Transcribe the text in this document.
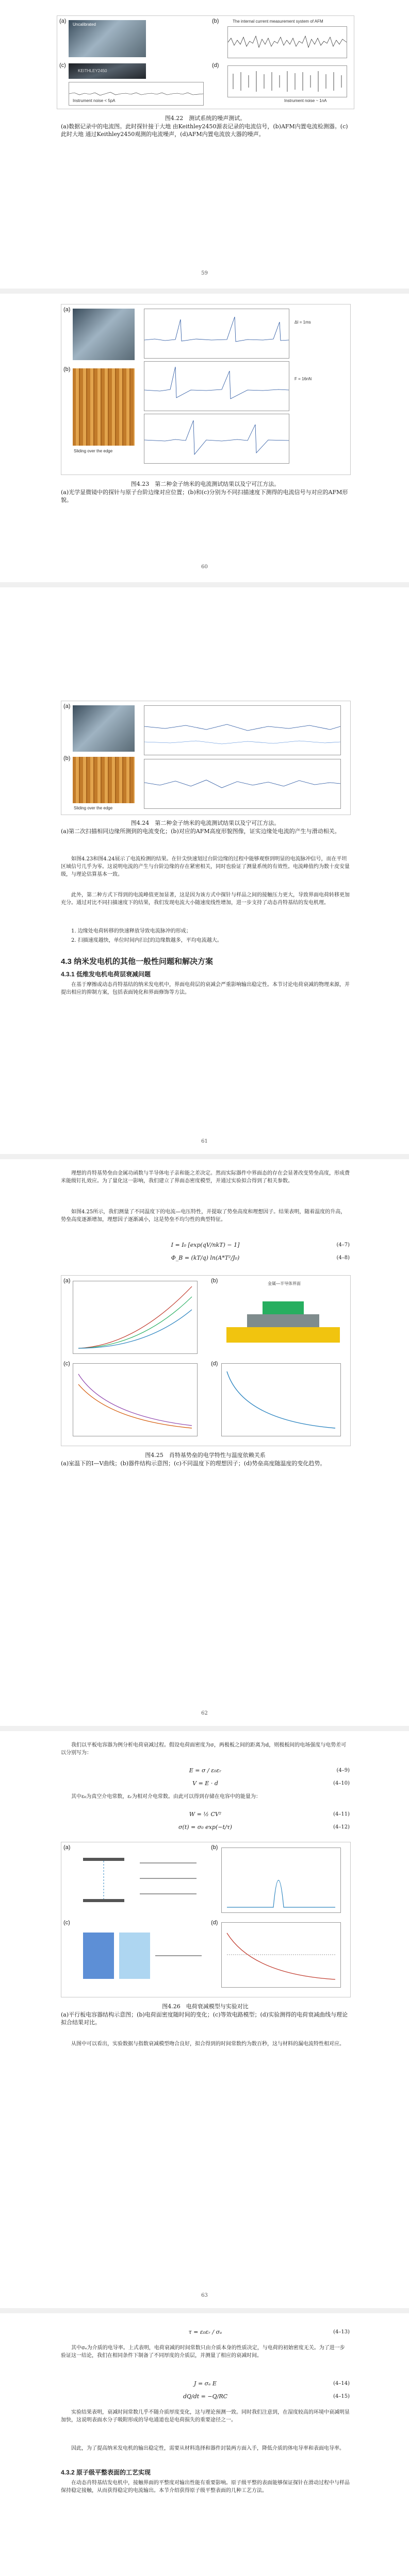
(a)
Uncalibrated
(b)	The internal current measurement system of AFM
(c)
KEITHLEY2450
Instrument noise < 5pA
(d)
Instrument noise ~ 1nA
图4.22　测试系统的噪声测试。
(a)数据记录中的电流图。此时探针接于大地 由Keithley2450源表记录的电流信号，(b)AFM内置电流检测器。(c)此时大地 通过Keithley2450观测的电流噪声，(d)AFM内置电流放大器的噪声。
59
(a)
(b)
Sliding over the edge
ΔI = 1ms
F = 16nN
图4.23　第二种金子纳米的电流测试结果以及宁可江方法。
(a)光学显微镜中的探针与原子台阶边缘对应位置；(b)和(c)分别为不同扫描速度下测得的电流信号与对应的AFM形貌。
60
(a)
(b)
Sliding over the edge
图4.24　第二种金子纳米的电流测试结果以及宁可江方法。
(a)第二次扫描相同边缘所测到的电流变化；(b)对应的AFM高度形貌图像，证实边缘处电流的产生与滑动相关。
如图4.23和图4.24展示了电流检测的结果。在针尖快速划过台阶边缘的过程中能够观察到明显的电流脉冲信号，而在平坦区域信号几乎为零。这说明电流的产生与台阶边缘的存在紧密相关，同时也验证了测量系统的有效性。电流峰值约为数十皮安量级，与理论估算基本一致。
此外，第二种方式下得到的电流峰值更加显著，这是因为该方式中探针与样品之间的接触压力更大，导致界面电荷转移更加充分。通过对比不同扫描速度下的结果，我们发现电流大小随速度线性增加，进一步支持了动态肖特基结的发电机理。
1. 边缘处电荷转移的快速释放导致电流脉冲的形成；
2. 扫描速度越快，单位时间内扫过的边缘数越多，平均电流越大。
4.3 纳米发电机的其他一般性问题和解决方案
4.3.1 低维发电机电荷层衰减问题
在基于摩擦或动态肖特基结的纳米发电机中，界面电荷层的衰减会严重影响输出稳定性。本节讨论电荷衰减的物理来源，并提出相应的抑制方案，包括表面钝化和界面修饰等方法。
61
理想的肖特基势垒由金属功函数与半导体电子亲和能之差决定。然而实际器件中界面态的存在会显著改变势垒高度，形成费米能级钉扎效应。为了量化这一影响，我们建立了界面态密度模型，并通过实验拟合得到了相关参数。
如图4.25所示，我们测量了不同温度下的电流—电压特性，并提取了势垒高度和理想因子。结果表明，随着温度的升高，势垒高度逐渐增加，理想因子逐渐减小，这是势垒不均匀性的典型特征。
I = I₀ [exp(qV/nkT) − 1]	(4–7)
Φ_B = (kT/q) ln(A*T²/J₀)	(4–8)
(a)	(b)	金属—半导体界面
(c)	(d)
图4.25　肖特基势垒的电学特性与温度依赖关系
(a)室温下的I—V曲线；(b)器件结构示意图；(c)不同温度下的理想因子；(d)势垒高度随温度的变化趋势。
62
我们以平板电容器为例分析电荷衰减过程。假设电荷面密度为σ，两极板之间的距离为d，则极板间的电场强度与电势差可以分别写为：
E = σ / ε₀εᵣ	(4–9)
V = E · d	(4–10)
其中ε₀为真空介电常数，εᵣ为相对介电常数。由此可以得到存储在电容中的能量为：
W = ½ CV²	(4–11)
σ(t) = σ₀ exp(−t/τ)	(4–12)
(a)	(b)
(c)	(d)
图4.26　电荷衰减模型与实验对比
(a)平行板电容器结构示意图；(b)电荷面密度随时间的变化；(c)等效电路模型；(d)实验测得的电荷衰减曲线与理论拟合结果对比。
从图中可以看出，实验数据与指数衰减模型吻合良好，拟合得到的时间常数约为数百秒，这与材料的漏电流特性相对应。
63
τ = ε₀εᵣ / σₑ	(4–13)
其中σₑ为介质的电导率。上式表明，电荷衰减的时间常数只由介质本身的性质决定，与电荷的初始密度无关。为了进一步验证这一结论，我们在相同条件下制备了不同厚度的介质层，并测量了相应的衰减时间。
J = σₑ E	(4–14)
dQ/dt = −Q/RC	(4–15)
实验结果表明，衰减时间常数几乎不随介质厚度变化，这与理论预测一致。同时我们注意到，在湿度较高的环境中衰减明显加快，这说明表面水分子吸附形成的导电通道也是电荷损失的重要途径之一。
因此，为了提高纳米发电机的输出稳定性，需要从材料选择和器件封装两方面入手，降低介质的体电导率和表面电导率。
4.3.2 原子级平整表面的工艺实现
在动态肖特基结发电机中，接触界面的平整度对输出性能有重要影响。原子级平整的表面能够保证探针在滑动过程中与样品保持稳定接触，从而获得稳定的电流输出。本节介绍获得原子级平整表面的几种工艺方法。
